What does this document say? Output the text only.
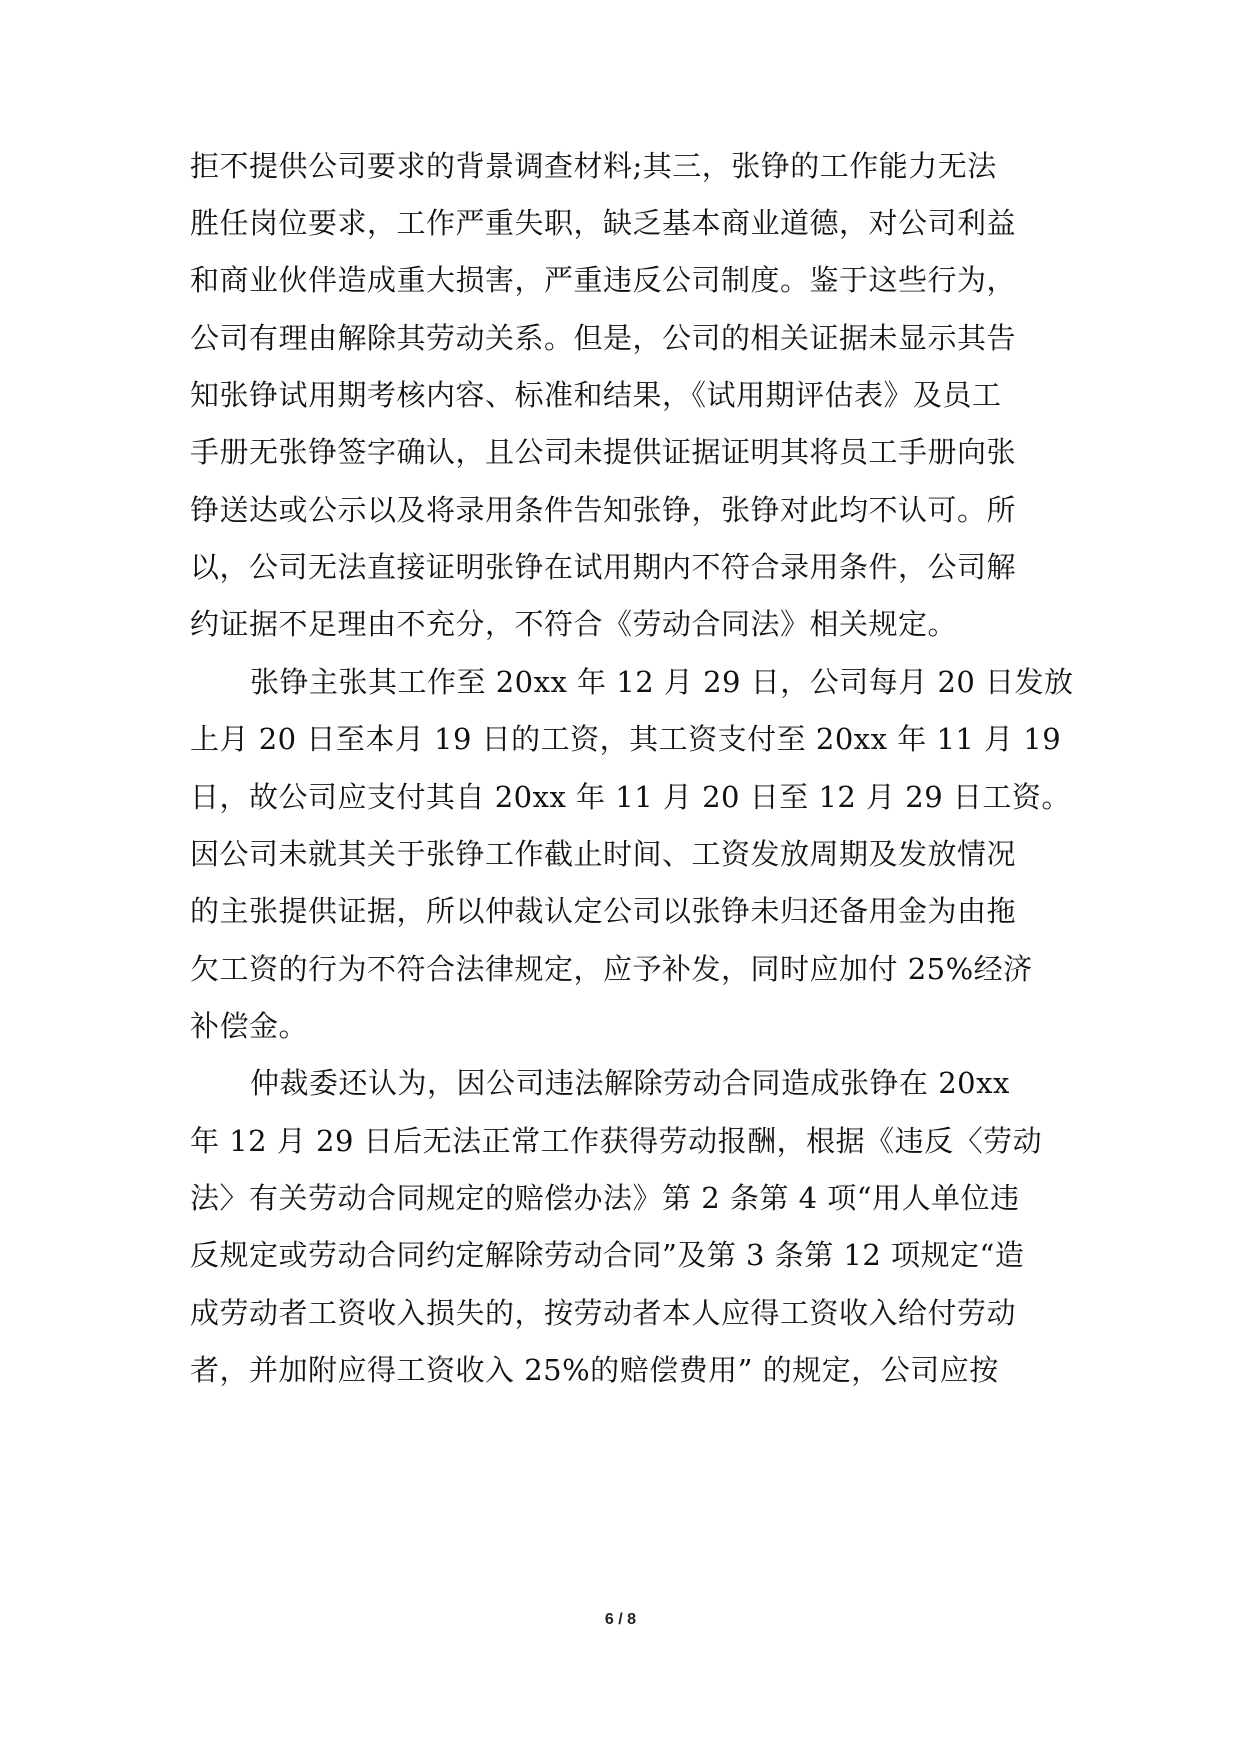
拒不提供公司要求的背景调查材料;其三，张铮的工作能力无法
胜任岗位要求，工作严重失职，缺乏基本商业道德，对公司利益
和商业伙伴造成重大损害，严重违反公司制度。鉴于这些行为，
公司有理由解除其劳动关系。但是，公司的相关证据未显示其告
知张铮试用期考核内容、标准和结果，《试用期评估表》及员工
手册无张铮签字确认，且公司未提供证据证明其将员工手册向张
铮送达或公示以及将录用条件告知张铮，张铮对此均不认可。所
以，公司无法直接证明张铮在试用期内不符合录用条件，公司解
约证据不足理由不充分，不符合《劳动合同法》相关规定。
张铮主张其工作至 20xx 年 12 月 29 日，公司每月 20 日发放
上月 20 日至本月 19 日的工资，其工资支付至 20xx 年 11 月 19
日，故公司应支付其自 20xx 年 11 月 20 日至 12 月 29 日工资。
因公司未就其关于张铮工作截止时间、工资发放周期及发放情况
的主张提供证据，所以仲裁认定公司以张铮未归还备用金为由拖
欠工资的行为不符合法律规定，应予补发，同时应加付 25%经济
补偿金。
仲裁委还认为，因公司违法解除劳动合同造成张铮在 20xx
年 12 月 29 日后无法正常工作获得劳动报酬，根据《违反〈劳动
法〉有关劳动合同规定的赔偿办法》第 2 条第 4 项“用人单位违
反规定或劳动合同约定解除劳动合同”及第 3 条第 12 项规定“造
成劳动者工资收入损失的，按劳动者本人应得工资收入给付劳动
者，并加附应得工资收入 25%的赔偿费用” 的规定，公司应按
6 / 8
